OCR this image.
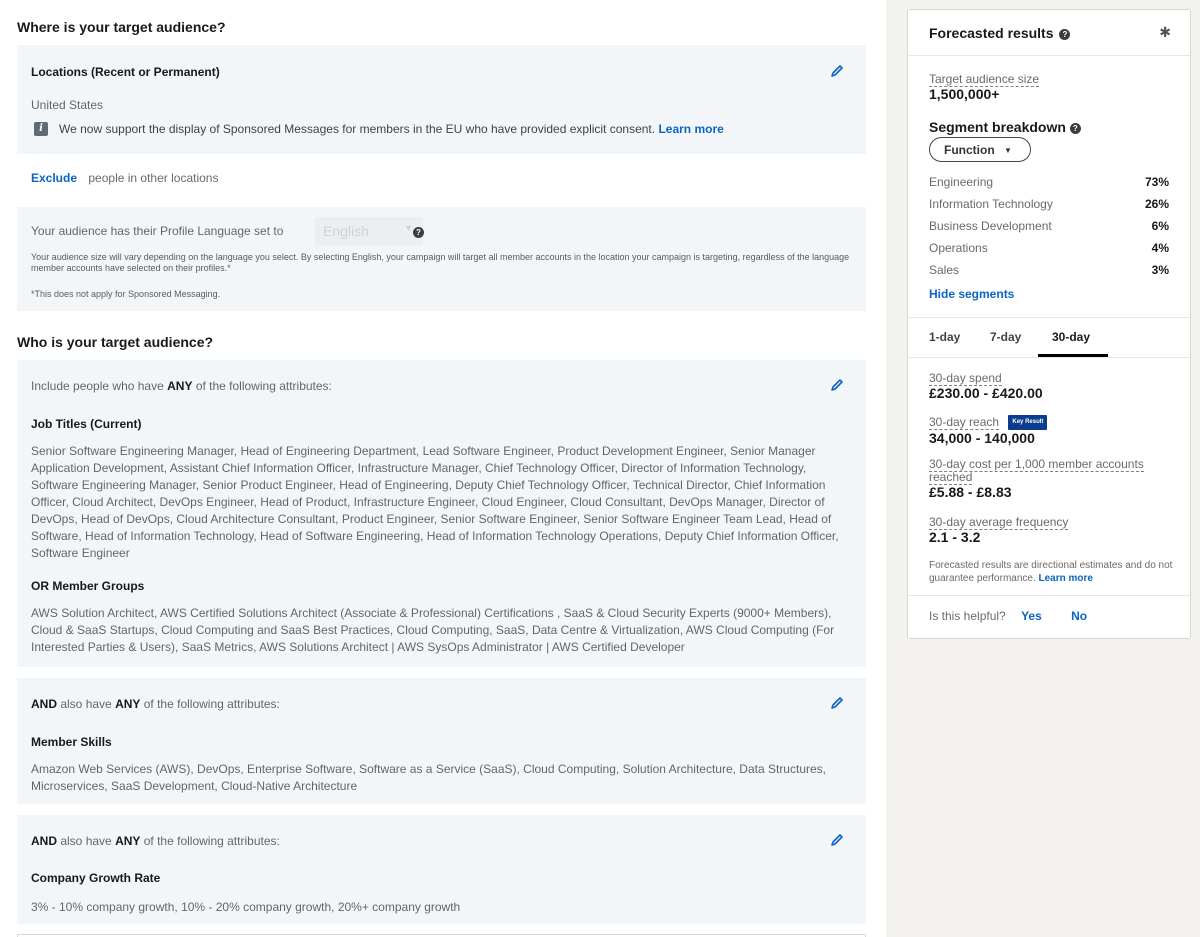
Where is your target audience?
Locations (Recent or Permanent)
United States
i	We now support the display of Sponsored Messages for members in the EU who have provided explicit consent. Learn more
Exclude people in other locations
Your audience has their Profile Language set to	English	▼ ?
Your audience size will vary depending on the language you select. By selecting English, your campaign will target all member accounts in the location your campaign is targeting, regardless of the language member accounts have selected on their profiles.*
*This does not apply for Sponsored Messaging.
Who is your target audience?
Include people who have ANY of the following attributes:
Job Titles (Current)
Senior Software Engineering Manager, Head of Engineering Department, Lead Software Engineer, Product Development Engineer, Senior Manager Application Development, Assistant Chief Information Officer, Infrastructure Manager, Chief Technology Officer, Director of Information Technology, Software Engineering Manager, Senior Product Engineer, Head of Engineering, Deputy Chief Technology Officer, Technical Director, Chief Information Officer, Cloud Architect, DevOps Engineer, Head of Product, Infrastructure Engineer, Cloud Engineer, Cloud Consultant, DevOps Manager, Director of DevOps, Head of DevOps, Cloud Architecture Consultant, Product Engineer, Senior Software Engineer, Senior Software Engineer Team Lead, Head of Software, Head of Information Technology, Head of Software Engineering, Head of Information Technology Operations, Deputy Chief Information Officer, Software Engineer
OR Member Groups
AWS Solution Architect, AWS Certified Solutions Architect (Associate & Professional) Certifications , SaaS & Cloud Security Experts (9000+ Members), Cloud & SaaS Startups, Cloud Computing and SaaS Best Practices, Cloud Computing, SaaS, Data Centre & Virtualization, AWS Cloud Computing (For Interested Parties & Users), SaaS Metrics, AWS Solutions Architect | AWS SysOps Administrator | AWS Certified Developer
AND also have ANY of the following attributes:
Member Skills
Amazon Web Services (AWS), DevOps, Enterprise Software, Software as a Service (SaaS), Cloud Computing, Solution Architecture, Data Structures, Microservices, SaaS Development, Cloud-Native Architecture
AND also have ANY of the following attributes:
Company Growth Rate
3% - 10% company growth, 10% - 20% company growth, 20%+ company growth
Forecasted results ?	✱
Target audience size
1,500,000+
Segment breakdown ?
Function ▼
Engineering	73%
Information Technology	26%
Business Development	6%
Operations	4%
Sales	3%
Hide segments
1-day 7-day	30-day
30-day spend
£230.00 - £420.00
30-day reach Key Result
34,000 - 140,000
30-day cost per 1,000 member accounts reached
£5.88 - £8.83
30-day average frequency
2.1 - 3.2
Forecasted results are directional estimates and do not guarantee performance. Learn more
Is this helpful? Yes No
